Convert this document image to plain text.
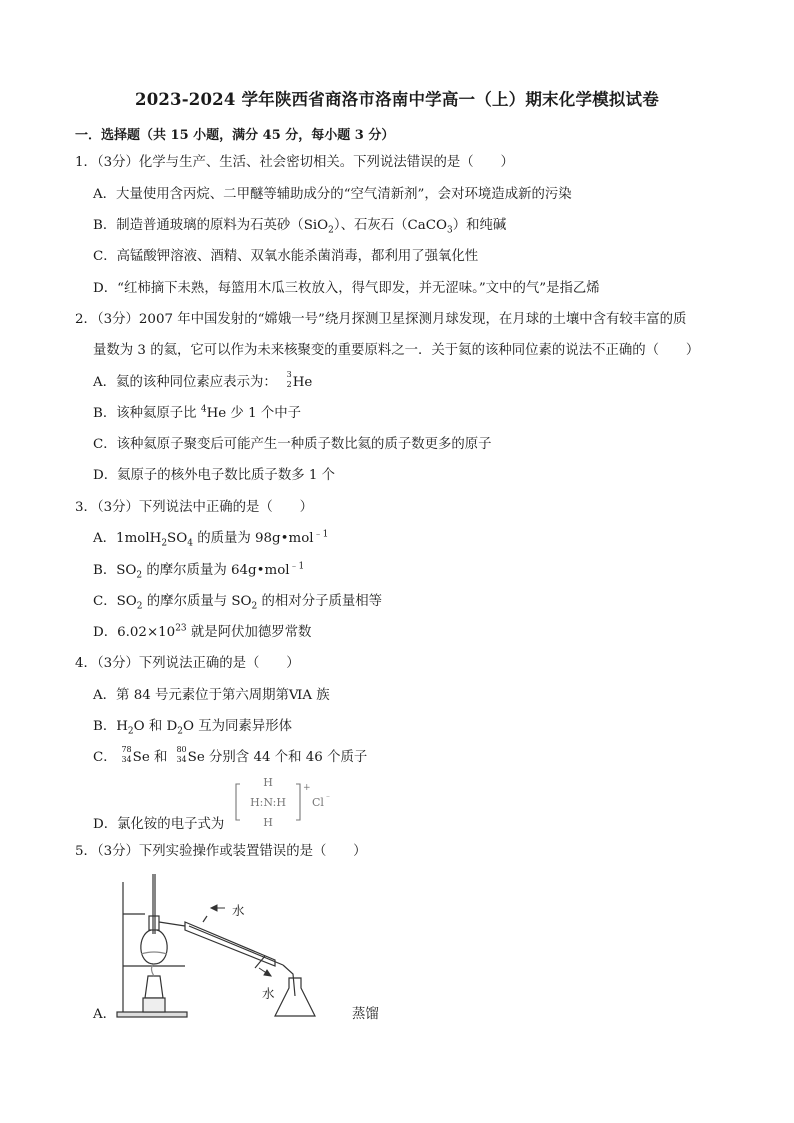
2023-2024 学年陕西省商洛市洛南中学高一（上）期末化学模拟试卷
一．选择题（共 15 小题，满分 45 分，每小题 3 分）
1．（3分）化学与生产、生活、社会密切相关。下列说法错误的是（　　）
A．大量使用含丙烷、二甲醚等辅助成分的“空气清新剂”，会对环境造成新的污染
B．制造普通玻璃的原料为石英砂（SiO$_2$）、石灰石（CaCO$_3$）和纯碱
C．高锰酸钾溶液、酒精、双氧水能杀菌消毒，都利用了强氧化性
D．“红柿摘下未熟，每篮用木瓜三枚放入，得气即发，并无涩味。”文中的气”是指乙烯
2．（3分）2007 年中国发射的“嫦娥一号”绕月探测卫星探测月球发现，在月球的土壤中含有较丰富的质
量数为 3 的氦，它可以作为未来核聚变的重要原料之一．关于氦的该种同位素的说法不正确的（　　）
A．氦的该种同位素应表示为：
3
2 He
B．该种氦原子比 $^4$He 少 1 个中子
C．该种氦原子聚变后可能产生一种质子数比氦的质子数更多的原子
D．氦原子的核外电子数比质子数多 1 个
3．（3分）下列说法中正确的是（　　）
A．$1molH_2SO_4$ 的质量为 98g•mol$^{﹣1}$
B．$SO_2$ 的摩尔质量为 64g•mol$^{﹣1}$
C．$SO_2$ 的摩尔质量与 $SO_2$ 的相对分子质量相等
D．$6.02\times 10^{23}$ 就是阿伏加德罗常数
4．（3分）下列说法正确的是（　　）
A．第 84 号元素位于第六周期第ⅥA 族
B．$H_2O$ 和 $D_2O$ 互为同素异形体
C．
78
34 Se 和
80
34 Se 分别含 44 个和 46 个质子
D．氯化铵的电子式为
H
H:N:H
H
+
Cl
﹣
5．（3分）下列实验操作或装置错误的是（　　）
水
水
A．	蒸馏
